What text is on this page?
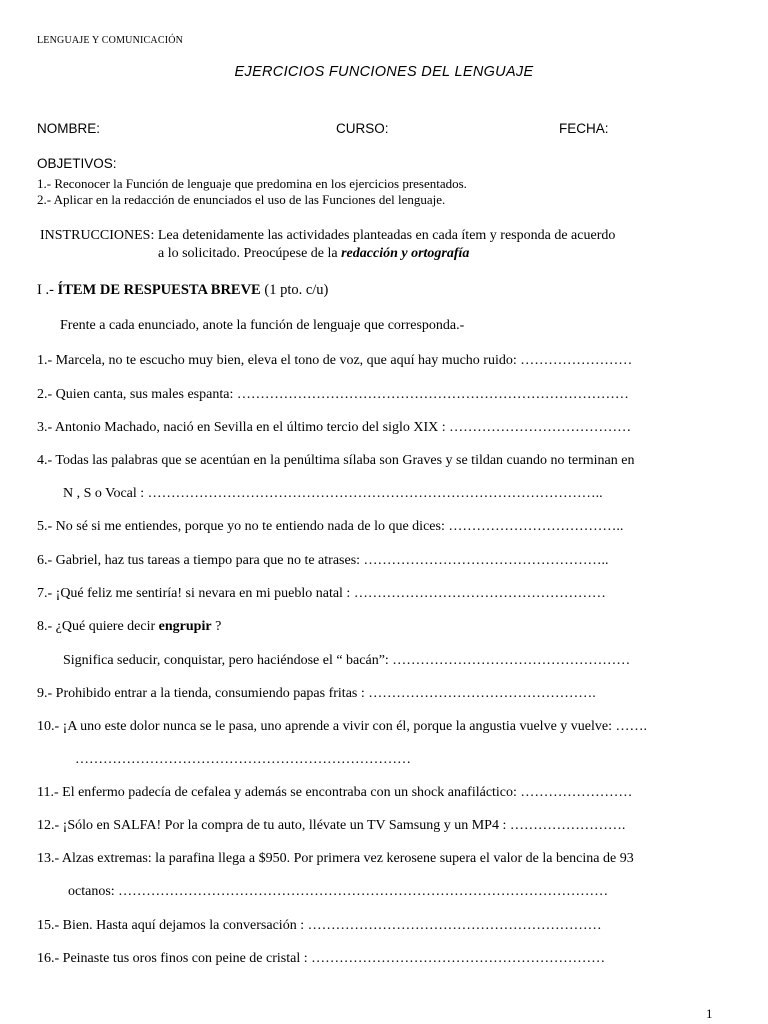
LENGUAJE Y COMUNICACIÓN
EJERCICIOS FUNCIONES DEL LENGUAJE
NOMBRE:	CURSO:	FECHA:
OBJETIVOS:
1.- Reconocer la Función de lenguaje que predomina en los ejercicios presentados.
2.- Aplicar en la redacción de enunciados el uso de las Funciones del lenguaje.
INSTRUCCIONES: Lea detenidamente las actividades planteadas en cada ítem y responda de acuerdo
a lo solicitado. Preocúpese de la redacción y ortografía
I .- ÍTEM DE RESPUESTA BREVE (1 pto. c/u)
Frente a cada enunciado, anote la función de lenguaje que corresponda.-
1.- Marcela, no te escucho muy bien, eleva el tono de voz, que aquí hay mucho ruido: ……………………
2.- Quien canta, sus males espanta: …………………………………………………………………………
3.- Antonio Machado, nació en Sevilla en el último tercio del siglo XIX : …………………………………
4.- Todas las palabras que se acentúan en la penúltima sílaba son Graves y se tildan cuando no terminan en
N , S o Vocal : ……………………………………………………………………………………..
5.- No sé si me entiendes, porque yo no te entiendo nada de lo que dices: ………………………………..
6.- Gabriel, haz tus tareas a tiempo para que no te atrases: ……………………………………………..
7.- ¡Qué feliz me sentiría! si nevara en mi pueblo natal : ………………………………………………
8.- ¿Qué quiere decir engrupir ?
Significa seducir, conquistar, pero haciéndose el “ bacán”: ……………………………………………
9.- Prohibido entrar a la tienda, consumiendo papas fritas : ………………………………………….
10.- ¡A uno este dolor nunca se le pasa, uno aprende a vivir con él, porque la angustia vuelve y vuelve: …….
………………………………………………………………
11.- El enfermo padecía de cefalea y además se encontraba con un shock anafiláctico: ……………………
12.- ¡Sólo en SALFA! Por la compra de tu auto, llévate un TV Samsung y un MP4 : …………………….
13.- Alzas extremas: la parafina llega a $950. Por primera vez kerosene supera el valor de la bencina de 93
octanos: ……………………………………………………………………………………………
15.- Bien. Hasta aquí dejamos la conversación : ………………………………………………………
16.- Peinaste tus oros finos con peine de cristal : ………………………………………………………
1
